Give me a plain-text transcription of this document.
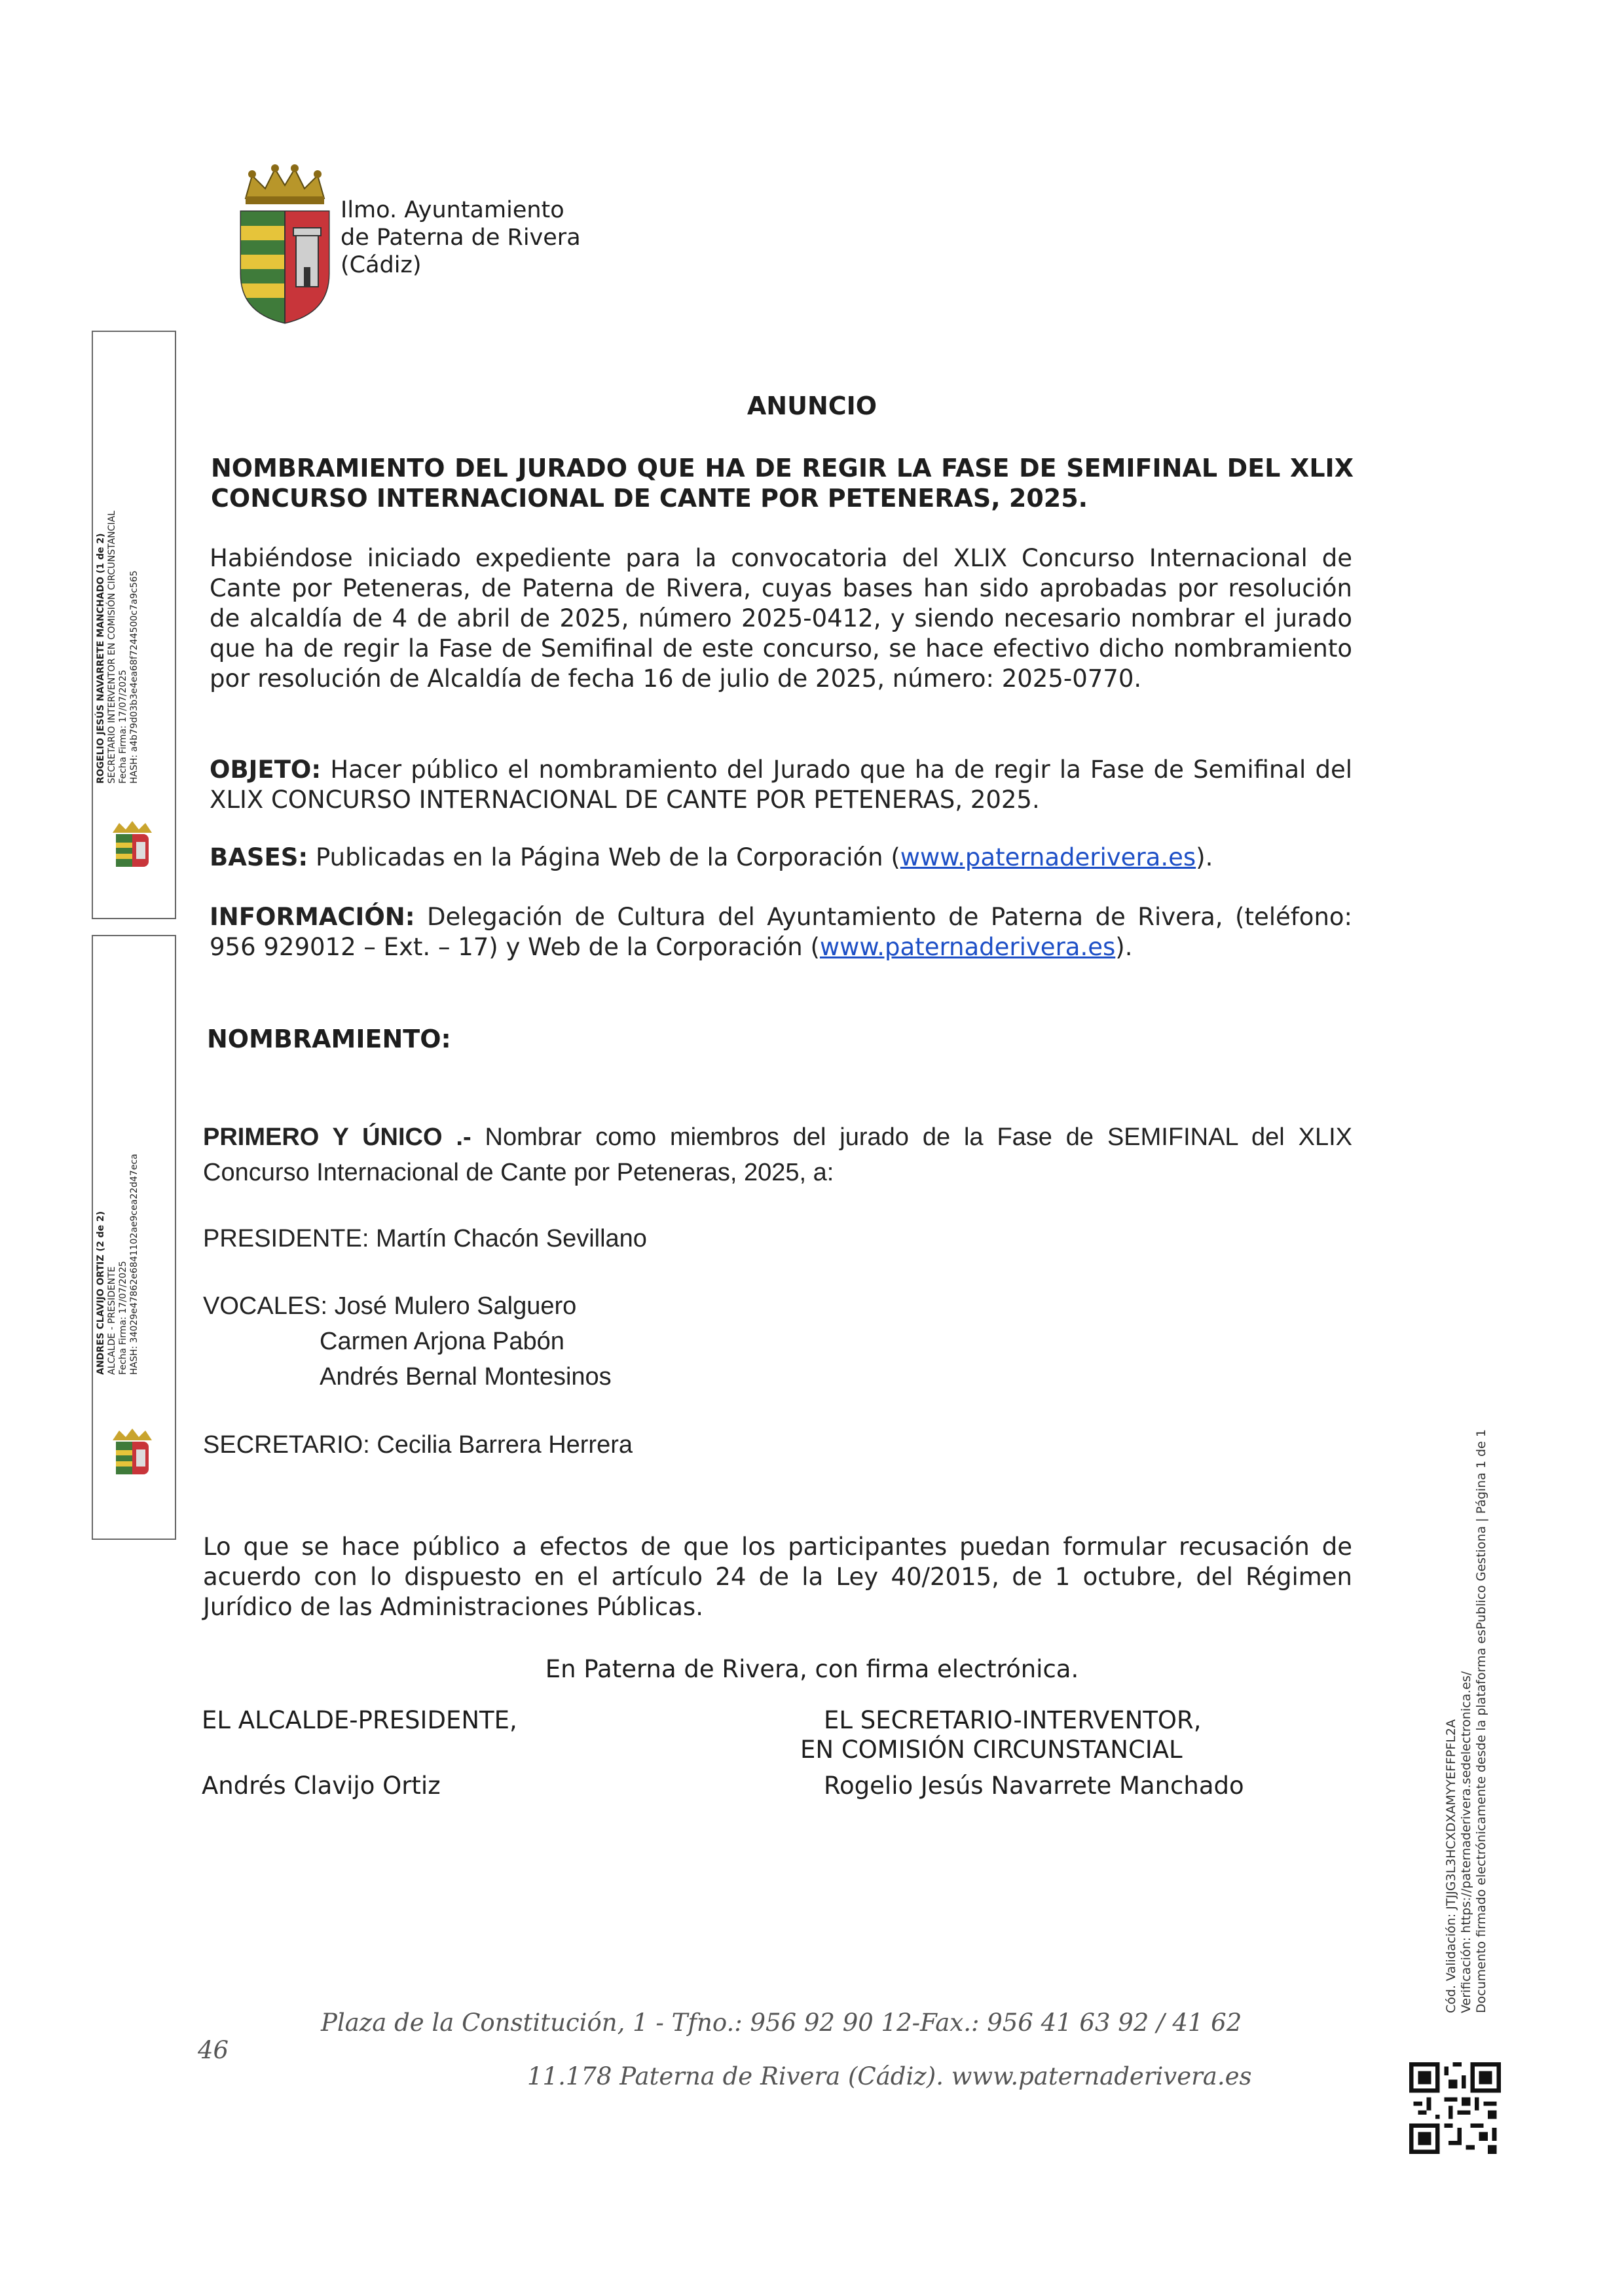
Ilmo. Ayuntamiento
de Paterna de Rivera
(Cádiz)
ROGELIO JESÚS NAVARRETE MANCHADO (1 de 2) SECRETARIO INTERVENTOR EN COMISIÓN CIRCUNSTANCIAL Fecha Firma: 17/07/2025 HASH: a4b79d03b3e4ea68f7244500c7a9c565
ANDRES CLAVIJO ORTIZ (2 de 2) ALCALDE - PRESIDENTE Fecha Firma: 17/07/2025 HASH: 34029e47862e6841102ae9cea22d47eca
ANUNCIO
NOMBRAMIENTO DEL JURADO QUE HA DE REGIR LA FASE DE SEMIFINAL DEL XLIX CONCURSO INTERNACIONAL DE CANTE POR PETENERAS, 2025.
Habiéndose iniciado expediente para la convocatoria del XLIX Concurso Internacional de Cante por Peteneras, de Paterna de Rivera, cuyas bases han sido aprobadas por resolución de alcaldía de 4 de abril de 2025, número 2025-0412, y siendo necesario nombrar el jurado que ha de regir la Fase de Semifinal de este concurso, se hace efectivo dicho nombramiento por resolución de Alcaldía de fecha 16 de julio de 2025, número: 2025-0770.
OBJETO: Hacer público el nombramiento del Jurado que ha de regir la Fase de Semifinal del XLIX CONCURSO INTERNACIONAL DE CANTE POR PETENERAS, 2025.
BASES: Publicadas en la Página Web de la Corporación (www.paternaderivera.es).
INFORMACIÓN: Delegación de Cultura del Ayuntamiento de Paterna de Rivera, (teléfono: 956 929012 – Ext. – 17) y Web de la Corporación (www.paternaderivera.es).
NOMBRAMIENTO:
PRIMERO Y ÚNICO .- Nombrar como miembros del jurado de la Fase de SEMIFINAL del XLIX Concurso Internacional de Cante por Peteneras, 2025, a:
PRESIDENTE: Martín Chacón Sevillano
VOCALES: José Mulero Salguero
Carmen Arjona Pabón
Andrés Bernal Montesinos
SECRETARIO: Cecilia Barrera Herrera
Lo que se hace público a efectos de que los participantes puedan formular recusación de acuerdo con lo dispuesto en el artículo 24 de la Ley 40/2015, de 1 octubre, del Régimen Jurídico de las Administraciones Públicas.
En Paterna de Rivera, con firma electrónica.
EL ALCALDE-PRESIDENTE,
Andrés Clavijo Ortiz
EL SECRETARIO-INTERVENTOR,
EN COMISIÓN CIRCUNSTANCIAL
Rogelio Jesús Navarrete Manchado
Plaza de la Constitución, 1 - Tfno.: 956 92 90 12-Fax.: 956 41 63 92 / 41 62
46
11.178 Paterna de Rivera (Cádiz). www.paternaderivera.es
Cód. Validación: JTJJG3L3HCXDXAMYYEFFPFL2A Verificación: https://paternaderivera.sedelectronica.es/ Documento firmado electrónicamente desde la plataforma esPublico Gestiona | Página 1 de 1
